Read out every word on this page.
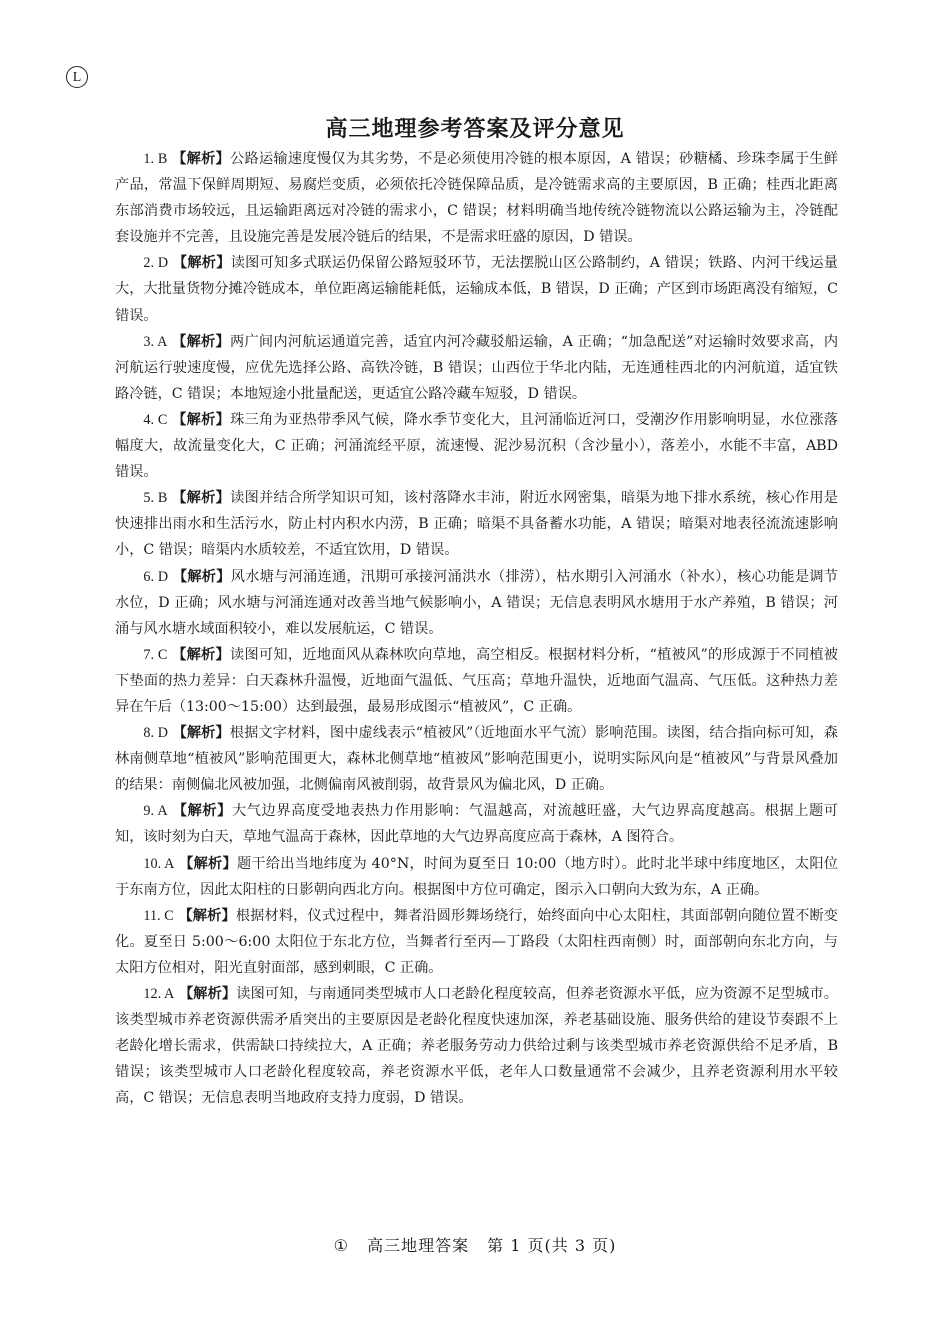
L
高三地理参考答案及评分意见

1. B 【解析】公路运输速度慢仅为其劣势，不是必须使用冷链的根本原因，A 错误；砂糖橘、珍珠李属于生鲜产品，常温下保鲜周期短、易腐烂变质，必须依托冷链保障品质，是冷链需求高的主要原因，B 正确；桂西北距离东部消费市场较远，且运输距离远对冷链的需求小，C 错误；材料明确当地传统冷链物流以公路运输为主，冷链配套设施并不完善，且设施完善是发展冷链后的结果，不是需求旺盛的原因，D 错误。

2. D 【解析】读图可知多式联运仍保留公路短驳环节，无法摆脱山区公路制约，A 错误；铁路、内河干线运量大，大批量货物分摊冷链成本，单位距离运输能耗低，运输成本低，B 错误，D 正确；产区到市场距离没有缩短，C 错误。

3. A 【解析】两广间内河航运通道完善，适宜内河冷藏驳船运输，A 正确；“加急配送”对运输时效要求高，内河航运行驶速度慢，应优先选择公路、高铁冷链，B 错误；山西位于华北内陆，无连通桂西北的内河航道，适宜铁路冷链，C 错误；本地短途小批量配送，更适宜公路冷藏车短驳，D 错误。

4. C 【解析】珠三角为亚热带季风气候，降水季节变化大，且河涌临近河口，受潮汐作用影响明显，水位涨落幅度大，故流量变化大，C 正确；河涌流经平原，流速慢、泥沙易沉积（含沙量小），落差小，水能不丰富，ABD 错误。

5. B 【解析】读图并结合所学知识可知，该村落降水丰沛，附近水网密集，暗渠为地下排水系统，核心作用是快速排出雨水和生活污水，防止村内积水内涝，B 正确；暗渠不具备蓄水功能，A 错误；暗渠对地表径流流速影响小，C 错误；暗渠内水质较差，不适宜饮用，D 错误。

6. D 【解析】风水塘与河涌连通，汛期可承接河涌洪水（排涝），枯水期引入河涌水（补水），核心功能是调节水位，D 正确；风水塘与河涌连通对改善当地气候影响小，A 错误；无信息表明风水塘用于水产养殖，B 错误；河涌与风水塘水域面积较小，难以发展航运，C 错误。

7. C 【解析】读图可知，近地面风从森林吹向草地，高空相反。根据材料分析，“植被风”的形成源于不同植被下垫面的热力差异：白天森林升温慢，近地面气温低、气压高；草地升温快，近地面气温高、气压低。这种热力差异在午后（13:00～15:00）达到最强，最易形成图示“植被风”，C 正确。

8. D 【解析】根据文字材料，图中虚线表示“植被风”（近地面水平气流）影响范围。读图，结合指向标可知，森林南侧草地“植被风”影响范围更大，森林北侧草地“植被风”影响范围更小，说明实际风向是“植被风”与背景风叠加的结果：南侧偏北风被加强，北侧偏南风被削弱，故背景风为偏北风，D 正确。

9. A 【解析】大气边界高度受地表热力作用影响：气温越高，对流越旺盛，大气边界高度越高。根据上题可知，该时刻为白天，草地气温高于森林，因此草地的大气边界高度应高于森林，A 图符合。

10. A 【解析】题干给出当地纬度为 40°N，时间为夏至日 10:00（地方时）。此时北半球中纬度地区，太阳位于东南方位，因此太阳柱的日影朝向西北方向。根据图中方位可确定，图示入口朝向大致为东，A 正确。

11. C 【解析】根据材料，仪式过程中，舞者沿圆形舞场绕行，始终面向中心太阳柱，其面部朝向随位置不断变化。夏至日 5:00～6:00 太阳位于东北方位，当舞者行至丙—丁路段（太阳柱西南侧）时，面部朝向东北方向，与太阳方位相对，阳光直射面部，感到刺眼，C 正确。

12. A 【解析】读图可知，与南通同类型城市人口老龄化程度较高，但养老资源水平低，应为资源不足型城市。该类型城市养老资源供需矛盾突出的主要原因是老龄化程度快速加深，养老基础设施、服务供给的建设节奏跟不上老龄化增长需求，供需缺口持续拉大，A 正确；养老服务劳动力供给过剩与该类型城市养老资源供给不足矛盾，B 错误；该类型城市人口老龄化程度较高，养老资源水平低，老年人口数量通常不会减少，且养老资源利用水平较高，C 错误；无信息表明当地政府支持力度弱，D 错误。

① 高三地理答案 第 1 页(共 3 页)
